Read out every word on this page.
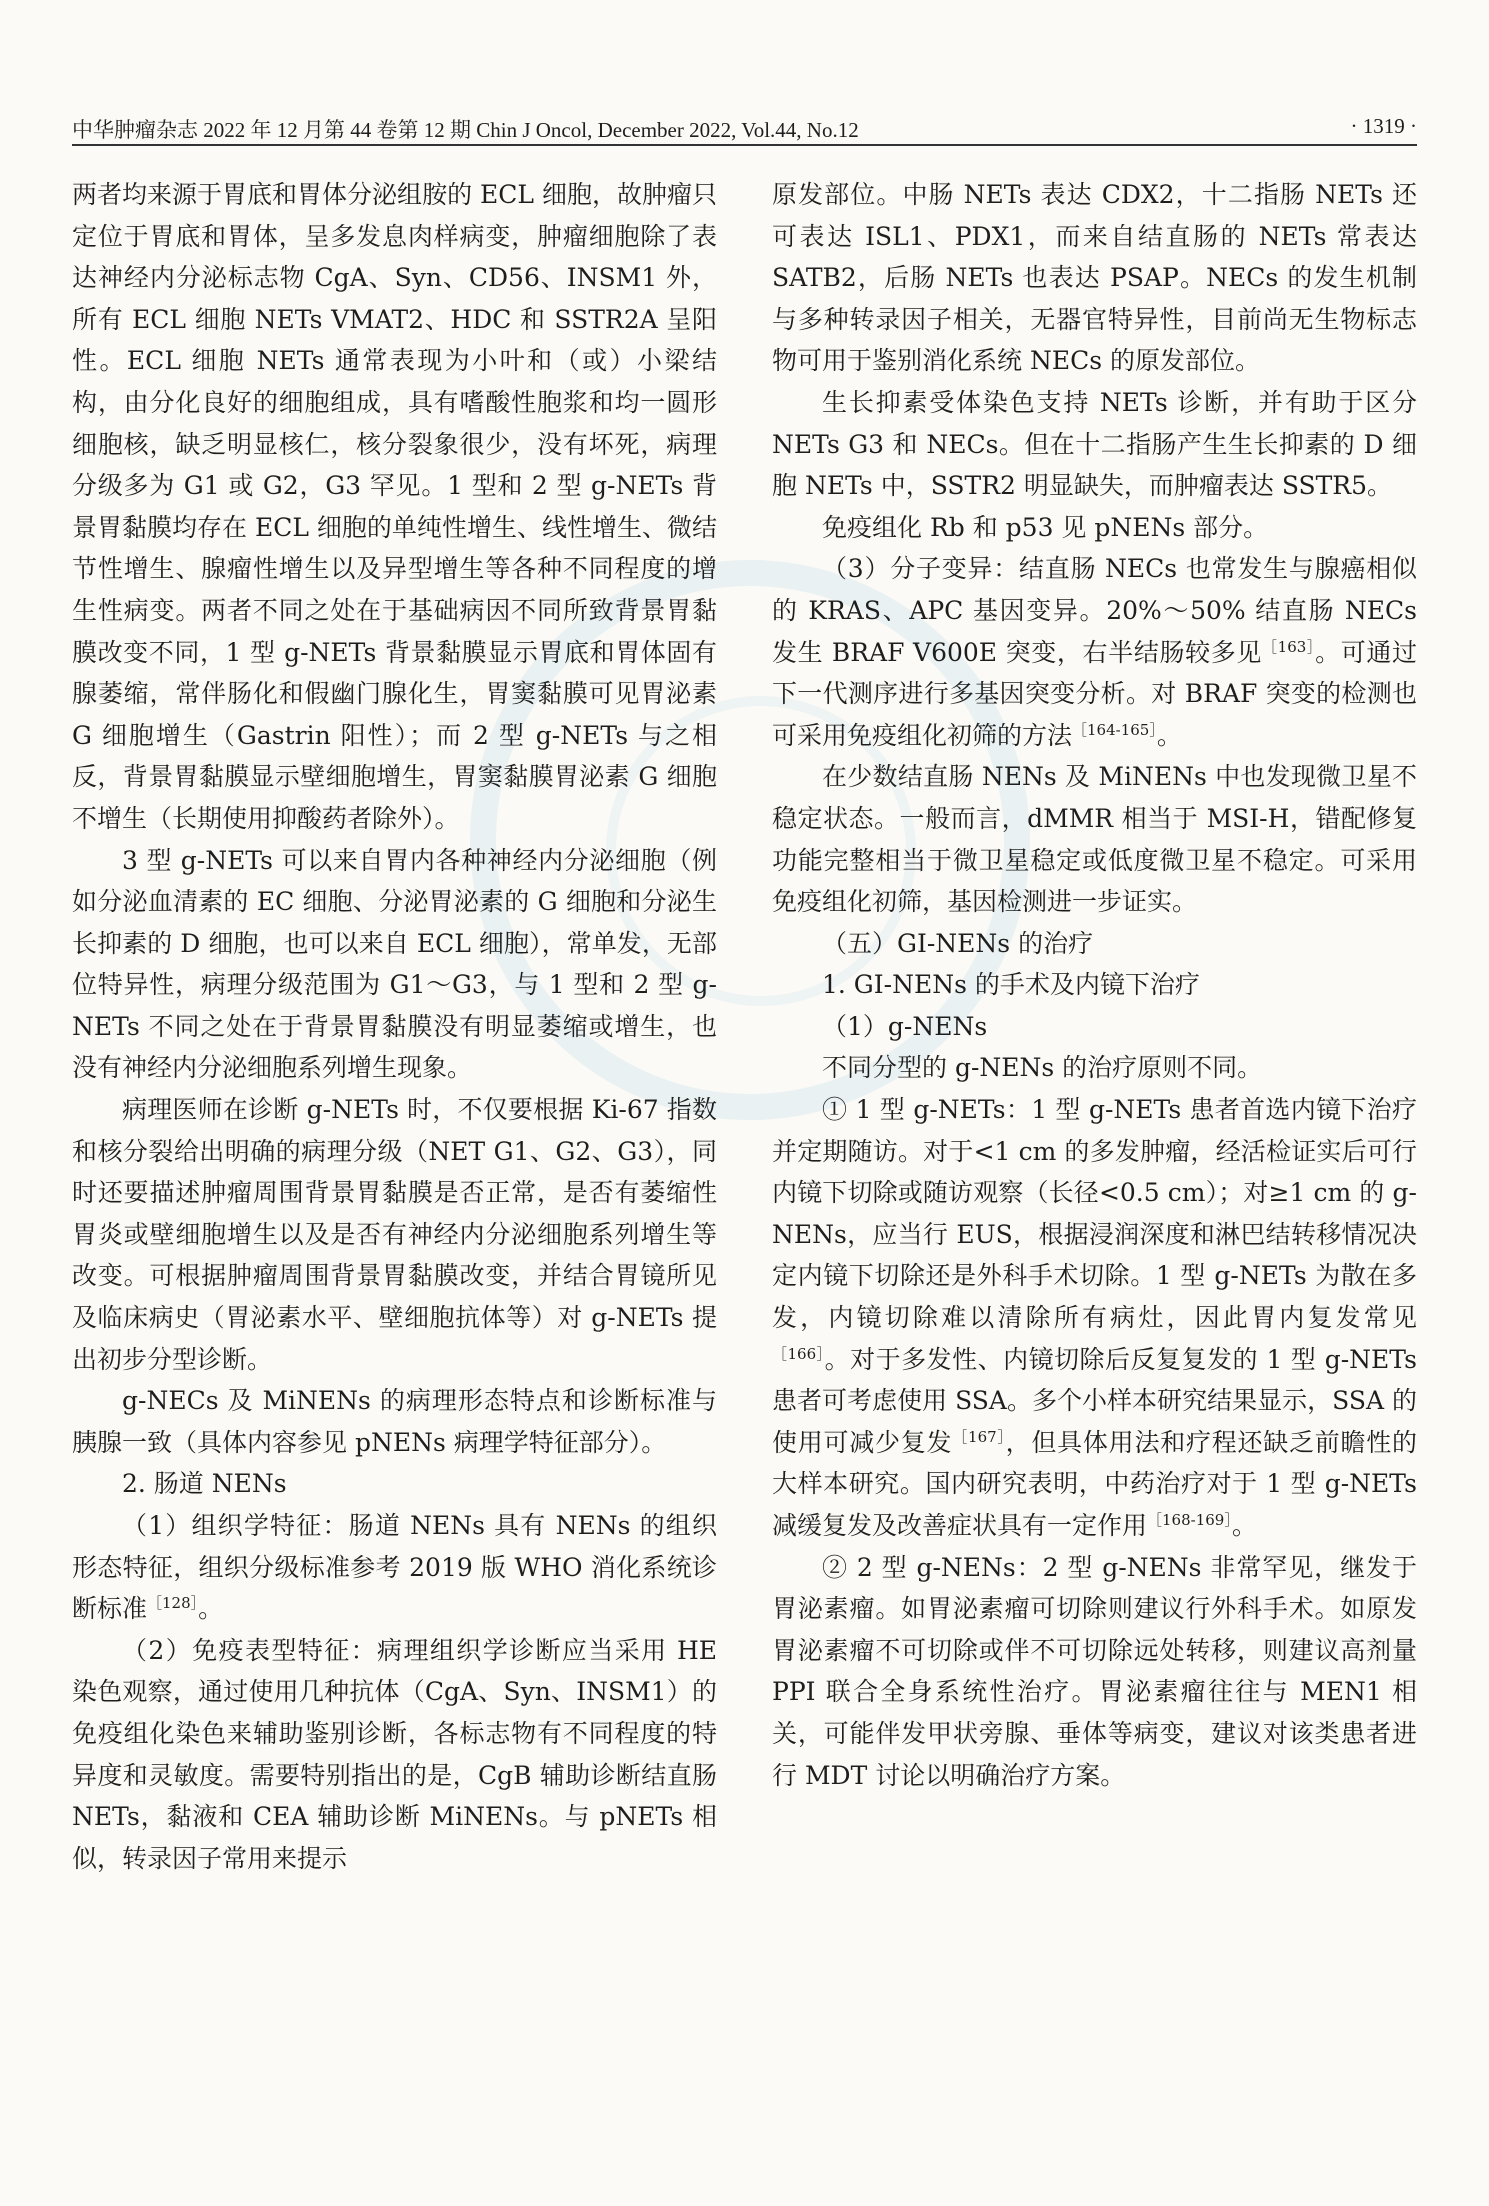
中华肿瘤杂志 2022 年 12 月第 44 卷第 12 期 Chin J Oncol, December 2022, Vol.44, No.12	· 1319 ·

两者均来源于胃底和胃体分泌组胺的 ECL 细胞，故肿瘤只定位于胃底和胃体，呈多发息肉样病变，肿瘤细胞除了表达神经内分泌标志物 CgA、Syn、CD56、INSM1 外，所有 ECL 细胞 NETs VMAT2、HDC 和 SSTR2A 呈阳性。ECL 细胞 NETs 通常表现为小叶和（或）小梁结构，由分化良好的细胞组成，具有嗜酸性胞浆和均一圆形细胞核，缺乏明显核仁，核分裂象很少，没有坏死，病理分级多为 G1 或 G2，G3 罕见。1 型和 2 型 g-NETs 背景胃黏膜均存在 ECL 细胞的单纯性增生、线性增生、微结节性增生、腺瘤性增生以及异型增生等各种不同程度的增生性病变。两者不同之处在于基础病因不同所致背景胃黏膜改变不同，1 型 g-NETs 背景黏膜显示胃底和胃体固有腺萎缩，常伴肠化和假幽门腺化生，胃窦黏膜可见胃泌素 G 细胞增生（Gastrin 阳性）；而 2 型 g-NETs 与之相反，背景胃黏膜显示壁细胞增生，胃窦黏膜胃泌素 G 细胞不增生（长期使用抑酸药者除外）。

3 型 g-NETs 可以来自胃内各种神经内分泌细胞（例如分泌血清素的 EC 细胞、分泌胃泌素的 G 细胞和分泌生长抑素的 D 细胞，也可以来自 ECL 细胞），常单发，无部位特异性，病理分级范围为 G1～G3，与 1 型和 2 型 g-NETs 不同之处在于背景胃黏膜没有明显萎缩或增生，也没有神经内分泌细胞系列增生现象。

病理医师在诊断 g-NETs 时，不仅要根据 Ki-67 指数和核分裂给出明确的病理分级（NET G1、G2、G3），同时还要描述肿瘤周围背景胃黏膜是否正常，是否有萎缩性胃炎或壁细胞增生以及是否有神经内分泌细胞系列增生等改变。可根据肿瘤周围背景胃黏膜改变，并结合胃镜所见及临床病史（胃泌素水平、壁细胞抗体等）对 g-NETs 提出初步分型诊断。

g-NECs 及 MiNENs 的病理形态特点和诊断标准与胰腺一致（具体内容参见 pNENs 病理学特征部分）。

2. 肠道 NENs

（1）组织学特征：肠道 NENs 具有 NENs 的组织形态特征，组织分级标准参考 2019 版 WHO 消化系统诊断标准$^{[128]}$。

（2）免疫表型特征：病理组织学诊断应当采用 HE 染色观察，通过使用几种抗体（CgA、Syn、INSM1）的免疫组化染色来辅助鉴别诊断，各标志物有不同程度的特异度和灵敏度。需要特别指出的是，CgB 辅助诊断结直肠 NETs，黏液和 CEA 辅助诊断 MiNENs。与 pNETs 相似，转录因子常用来提示

原发部位。中肠 NETs 表达 CDX2，十二指肠 NETs 还可表达 ISL1、PDX1，而来自结直肠的 NETs 常表达 SATB2，后肠 NETs 也表达 PSAP。NECs 的发生机制与多种转录因子相关，无器官特异性，目前尚无生物标志物可用于鉴别消化系统 NECs 的原发部位。

生长抑素受体染色支持 NETs 诊断，并有助于区分 NETs G3 和 NECs。但在十二指肠产生生长抑素的 D 细胞 NETs 中，SSTR2 明显缺失，而肿瘤表达 SSTR5。

免疫组化 Rb 和 p53 见 pNENs 部分。

（3）分子变异：结直肠 NECs 也常发生与腺癌相似的 KRAS、APC 基因变异。20%～50% 结直肠 NECs 发生 BRAF V600E 突变，右半结肠较多见$^{[163]}$。可通过下一代测序进行多基因突变分析。对 BRAF 突变的检测也可采用免疫组化初筛的方法$^{[164-165]}$。

在少数结直肠 NENs 及 MiNENs 中也发现微卫星不稳定状态。一般而言，dMMR 相当于 MSI-H，错配修复功能完整相当于微卫星稳定或低度微卫星不稳定。可采用免疫组化初筛，基因检测进一步证实。

（五）GI-NENs 的治疗

1. GI-NENs 的手术及内镜下治疗

（1）g-NENs

不同分型的 g-NENs 的治疗原则不同。

① 1 型 g-NETs：1 型 g-NETs 患者首选内镜下治疗并定期随访。对于<1 cm 的多发肿瘤，经活检证实后可行内镜下切除或随访观察（长径<0.5 cm）；对≥1 cm 的 g-NENs，应当行 EUS，根据浸润深度和淋巴结转移情况决定内镜下切除还是外科手术切除。1 型 g-NETs 为散在多发，内镜切除难以清除所有病灶，因此胃内复发常见$^{[166]}$。对于多发性、内镜切除后反复复发的 1 型 g-NETs 患者可考虑使用 SSA。多个小样本研究结果显示，SSA 的使用可减少复发$^{[167]}$，但具体用法和疗程还缺乏前瞻性的大样本研究。国内研究表明，中药治疗对于 1 型 g-NETs减缓复发及改善症状具有一定作用$^{[168-169]}$。

② 2 型 g-NENs：2 型 g-NENs 非常罕见，继发于胃泌素瘤。如胃泌素瘤可切除则建议行外科手术。如原发胃泌素瘤不可切除或伴不可切除远处转移，则建议高剂量 PPI 联合全身系统性治疗。胃泌素瘤往往与 MEN1 相关，可能伴发甲状旁腺、垂体等病变，建议对该类患者进行 MDT 讨论以明确治疗方案。
